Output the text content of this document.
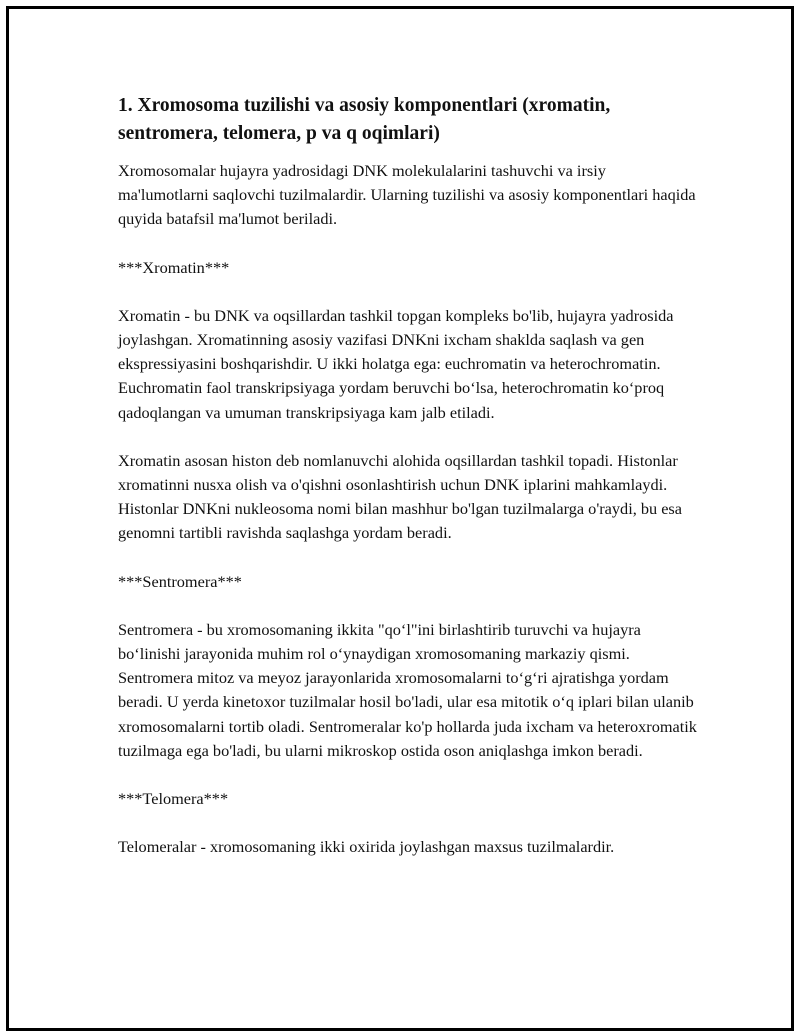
1. Xromosoma tuzilishi va asosiy komponentlari (xromatin, sentromera, telomera, p va q oqimlari)

Xromosomalar hujayra yadrosidagi DNK molekulalarini tashuvchi va irsiy ma'lumotlarni saqlovchi tuzilmalardir. Ularning tuzilishi va asosiy komponentlari haqida quyida batafsil ma'lumot beriladi.

***Xromatin***

Xromatin - bu DNK va oqsillardan tashkil topgan kompleks bo'lib, hujayra yadrosida joylashgan. Xromatinning asosiy vazifasi DNKni ixcham shaklda saqlash va gen ekspressiyasini boshqarishdir. U ikki holatga ega: euchromatin va heterochromatin. Euchromatin faol transkripsiyaga yordam beruvchi bo‘lsa, heterochromatin ko‘proq qadoqlangan va umuman transkripsiyaga kam jalb etiladi.

Xromatin asosan histon deb nomlanuvchi alohida oqsillardan tashkil topadi. Histonlar xromatinni nusxa olish va o'qishni osonlashtirish uchun DNK iplarini mahkamlaydi. Histonlar DNKni nukleosoma nomi bilan mashhur bo'lgan tuzilmalarga o'raydi, bu esa genomni tartibli ravishda saqlashga yordam beradi.

***Sentromera***

Sentromera - bu xromosomaning ikkita "qo‘l"ini birlashtirib turuvchi va hujayra bo‘linishi jarayonida muhim rol o‘ynaydigan xromosomaning markaziy qismi. Sentromera mitoz va meyoz jarayonlarida xromosomalarni to‘g‘ri ajratishga yordam beradi. U yerda kinetoxor tuzilmalar hosil bo'ladi, ular esa mitotik o‘q iplari bilan ulanib xromosomalarni tortib oladi. Sentromeralar ko'p hollarda juda ixcham va heteroxromatik tuzilmaga ega bo'ladi, bu ularni mikroskop ostida oson aniqlashga imkon beradi.

***Telomera***

Telomeralar - xromosomaning ikki oxirida joylashgan maxsus tuzilmalardir.
